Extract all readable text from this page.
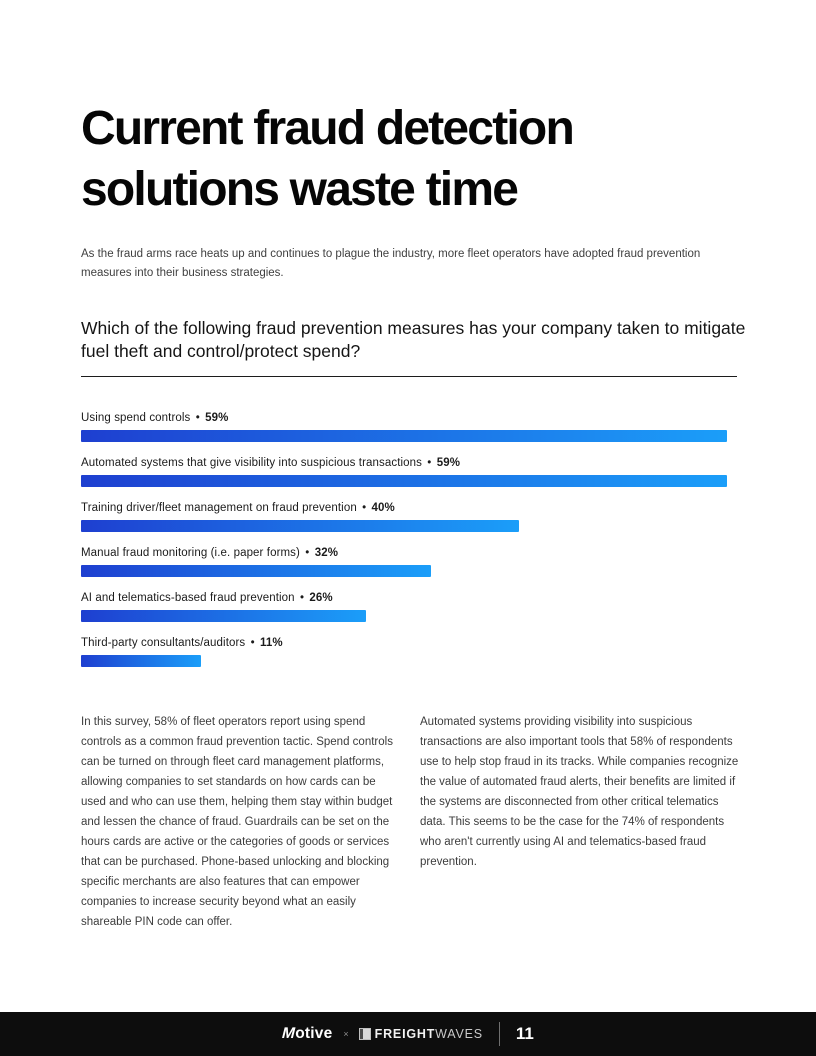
Current fraud detection
solutions waste time

As the fraud arms race heats up and continues to plague the industry, more fleet operators have adopted fraud prevention measures into their business strategies.

Which of the following fraud prevention measures has your company taken to mitigate fuel theft and control/protect spend?
Using spend controls • 59%
Automated systems that give visibility into suspicious transactions • 59%
Training driver/fleet management on fraud prevention • 40%
Manual fraud monitoring (i.e. paper forms) • 32%
AI and telematics-based fraud prevention • 26%
Third-party consultants/auditors • 11%

In this survey, 58% of fleet operators report using spend controls as a common fraud prevention tactic. Spend controls can be turned on through fleet card management platforms, allowing companies to set standards on how cards can be used and who can use them, helping them stay within budget and lessen the chance of fraud. Guardrails can be set on the hours cards are active or the categories of goods or services that can be purchased. Phone-based unlocking and blocking specific merchants are also features that can empower companies to increase security beyond what an easily shareable PIN code can offer.

Automated systems providing visibility into suspicious transactions are also important tools that 58% of respondents use to help stop fraud in its tracks. While companies recognize the value of automated fraud alerts, their benefits are limited if the systems are disconnected from other critical telematics data. This seems to be the case for the 74% of respondents who aren't currently using AI and telematics-based fraud prevention.

Motive × FREIGHT WAVES 11
